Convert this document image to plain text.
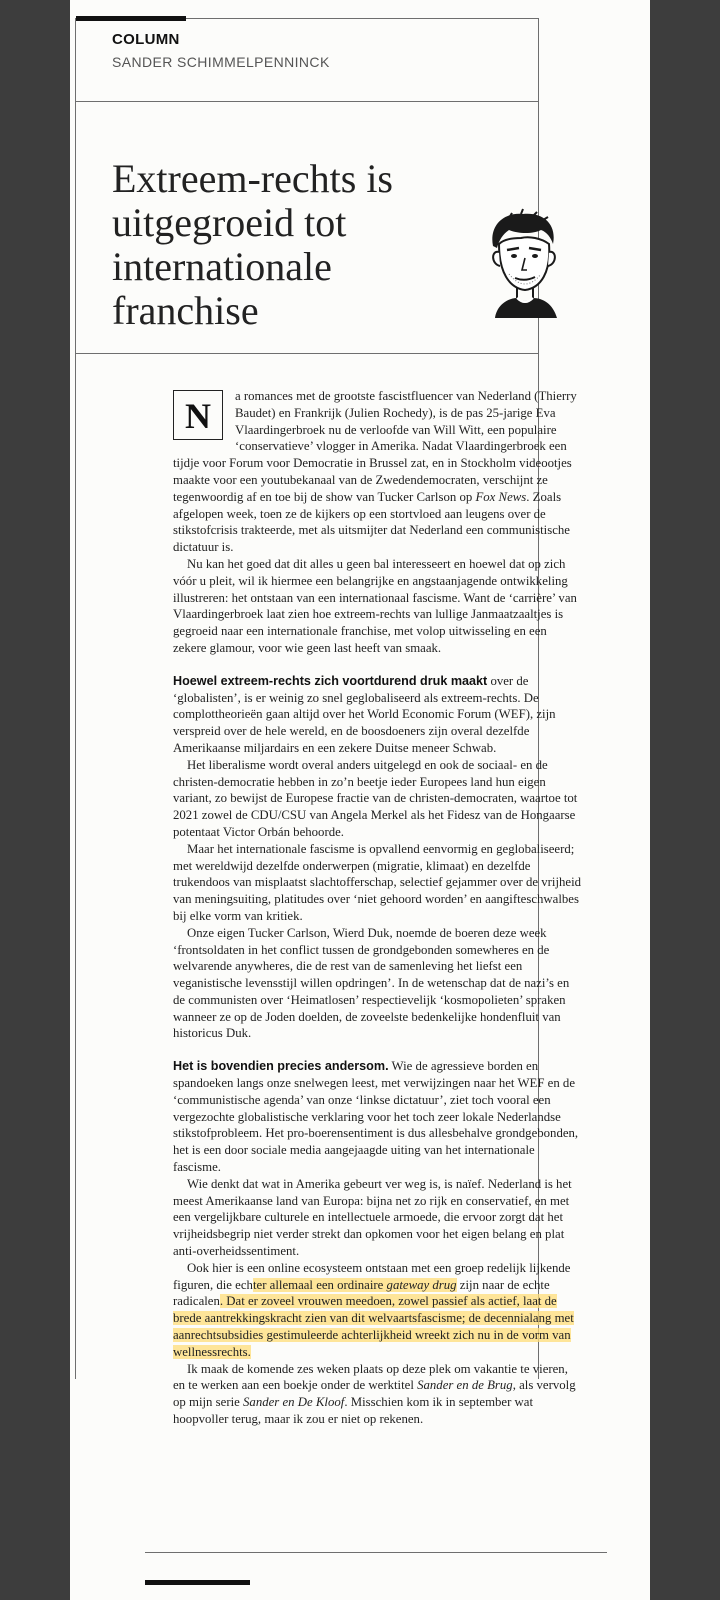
COLUMN
SANDER SCHIMMELPENNINCK
Extreem-rechts is uitgegroeid tot internationale franchise

N	a romances met de grootste fascistfluencer van Nederland (Thierry Baudet) en Frankrijk (Julien Rochedy), is de pas 25-jarige Eva Vlaardingerbroek nu de verloofde van Will Witt, een populaire ‘conservatieve’ vlogger in Amerika. Nadat Vlaardingerbroek een tijdje voor Forum voor Democratie in Brussel zat, en in Stockholm videootjes maakte voor een youtubekanaal van de Zwedendemocraten, verschijnt ze tegenwoordig af en toe bij de show van Tucker Carlson op Fox News. Zoals afgelopen week, toen ze de kijkers op een stortvloed aan leugens over de stikstofcrisis trakteerde, met als uitsmijter dat Nederland een communistische dictatuur is.

Nu kan het goed dat dit alles u geen bal interesseert en hoewel dat op zich vóór u pleit, wil ik hiermee een belangrijke en angstaanjagende ontwikkeling illustreren: het ontstaan van een internationaal fascisme. Want de ‘carrière’ van Vlaardingerbroek laat zien hoe extreem-rechts van lullige Janmaatzaaltjes is gegroeid naar een internationale franchise, met volop uitwisseling en een zekere glamour, voor wie geen last heeft van smaak.

Hoewel extreem-rechts zich voortdurend druk maakt over de ‘globalisten’, is er weinig zo snel geglobaliseerd als extreem-rechts. De complottheorieën gaan altijd over het World Economic Forum (WEF), zijn verspreid over de hele wereld, en de boosdoeners zijn overal dezelfde Amerikaanse miljardairs en een zekere Duitse meneer Schwab.

Het liberalisme wordt overal anders uitgelegd en ook de sociaal- en de christen-democratie hebben in zo’n beetje ieder Europees land hun eigen variant, zo bewijst de Europese fractie van de christen-democraten, waartoe tot 2021 zowel de CDU/CSU van Angela Merkel als het Fidesz van de Hongaarse potentaat Victor Orbán behoorde.

Maar het internationale fascisme is opvallend eenvormig en geglobaliseerd; met wereldwijd dezelfde onderwerpen (migratie, klimaat) en dezelfde trukendoos van misplaatst slachtofferschap, selectief gejammer over de vrijheid van meningsuiting, platitudes over ‘niet gehoord worden’ en aangifteschwalbes bij elke vorm van kritiek.

Onze eigen Tucker Carlson, Wierd Duk, noemde de boeren deze week ‘frontsoldaten in het conflict tussen de grondgebonden somewheres en de welvarende anywheres, die de rest van de samenleving het liefst een veganistische levensstijl willen opdringen’. In de wetenschap dat de nazi’s en de communisten over ‘Heimatlosen’ respectievelijk ‘kosmopolieten’ spraken wanneer ze op de Joden doelden, de zoveelste bedenkelijke hondenfluit van historicus Duk.

Het is bovendien precies andersom. Wie de agressieve borden en spandoeken langs onze snelwegen leest, met verwijzingen naar het WEF en de ‘communistische agenda’ van onze ‘linkse dictatuur’, ziet toch vooral een vergezochte globalistische verklaring voor het toch zeer lokale Nederlandse stikstofprobleem. Het pro-boerensentiment is dus allesbehalve grondgebonden, het is een door sociale media aangejaagde uiting van het internationale fascisme.

Wie denkt dat wat in Amerika gebeurt ver weg is, is naïef. Nederland is het meest Amerikaanse land van Europa: bijna net zo rijk en conservatief, en met een vergelijkbare culturele en intellectuele armoede, die ervoor zorgt dat het vrijheidsbegrip niet verder strekt dan opkomen voor het eigen belang en plat anti-overheidssentiment.

Ook hier is een online ecosysteem ontstaan met een groep redelijk lijkende figuren, die echter allemaal een ordinaire gateway drug zijn naar de echte radicalen. Dat er zoveel vrouwen meedoen, zowel passief als actief, laat de brede aantrekkingskracht zien van dit welvaartsfascisme; de decennialang met aanrechtsubsidies gestimuleerde achterlijkheid wreekt zich nu in de vorm van wellnessrechts.

Ik maak de komende zes weken plaats op deze plek om vakantie te vieren, en te werken aan een boekje onder de werktitel Sander en de Brug, als vervolg op mijn serie Sander en De Kloof. Misschien kom ik in september wat hoopvoller terug, maar ik zou er niet op rekenen.
